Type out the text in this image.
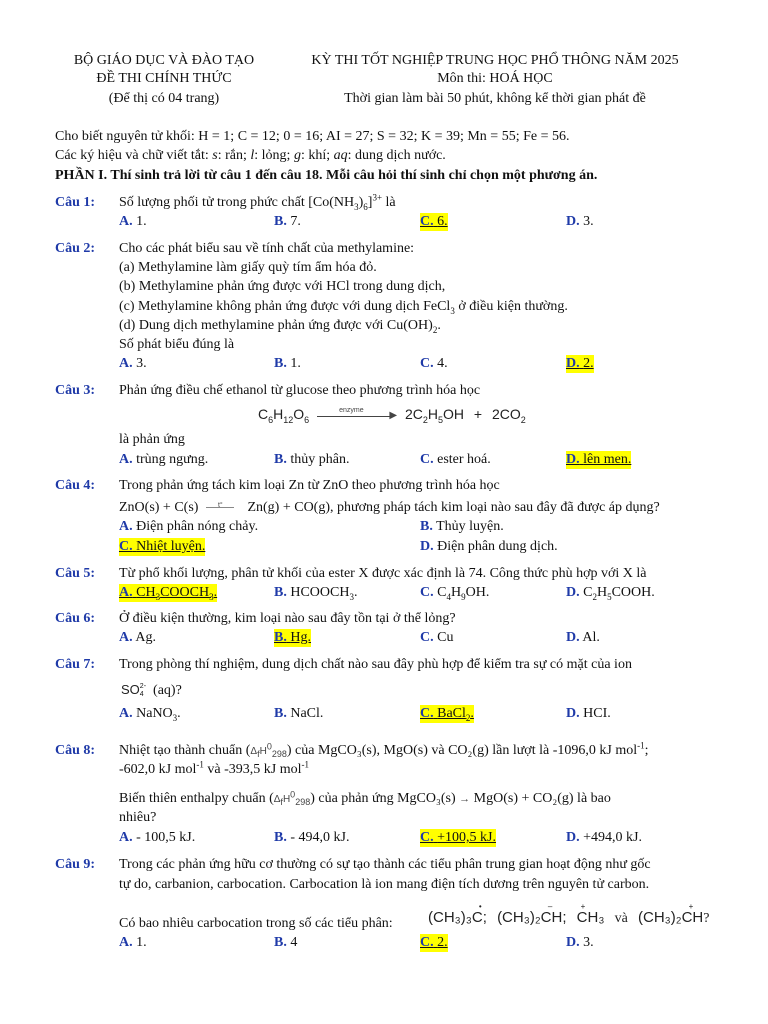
BỘ GIÁO DỤC VÀ ĐÀO TẠO
ĐỀ THI CHÍNH THỨC
(Để thị có 04 trang)
KỲ THI TỐT NGHIỆP TRUNG HỌC PHỔ THÔNG NĂM 2025
Môn thi: HOÁ HỌC
Thời gian làm bài 50 phút, không kể thời gian phát đề
Cho biết nguyên tử khối: H = 1; C = 12; 0 = 16; AI = 27; S = 32; K = 39; Mn = 55; Fe = 56.
Các ký hiệu và chữ viết tắt: s: rắn; l: lỏng; g: khí; aq: dung dịch nước.
PHẦN I. Thí sinh trả lời từ câu 1 đến câu 18. Mỗi câu hỏi thí sinh chỉ chọn một phương án.
Câu 1: Số lượng phối tử trong phức chất $[Co(NH_3)_6]^{3+}$ là
A. 1.	B. 7.	C. 6.	D. 3.
Câu 2: Cho các phát biểu sau về tính chất của methylamine:
(a) Methylamine làm giấy quỳ tím ẩm hóa đỏ.
(b) Methylamine phản ứng được với HCl trong dung dịch,
(c) Methylamine không phản ứng được với dung dịch FeCl$_3$ ở điều kiện thường.
(d) Dung dịch methylamine phản ứng được với $Cu(OH)_2$.
Số phát biểu đúng là
A. 3.	B. 1.	C. 4.	D. 2.
Câu 3: Phản ứng điều chế ethanol từ glucose theo phương trình hóa học
$C_6H_{12}O_6$
enzyme	▶ $2C_2H_5OH + 2CO_2$
là phản ứng
A. trùng ngưng.	B. thủy phân.	C. ester hoá.	D. lên men.
Câu 4: Trong phản ứng tách kim loại Zn từ ZnO theo phương trình hóa học
ZnO(s) + C(s)	t° Zn(g) + CO(g), phương pháp tách kim loại nào sau đây đã được áp dụng?
A. Điện phân nóng chảy.	B. Thủy luyện.
C. Nhiệt luyện.	D. Điện phân dung dịch.
Câu 5: Từ phổ khối lượng, phân tử khối của ester X được xác định là 74. Công thức phù hợp với X là
A. $CH_3COOCH_3$.	B. $HCOOCH_3$.	C. $C_4H_9OH$.	D. $C_2H_5COOH$.
Câu 6: Ở điều kiện thường, kim loại nào sau đây tồn tại ở thể lỏng?
A. Ag.	B. Hg.	C. Cu	D. Al.
Câu 7: Trong phòng thí nghiệm, dung dịch chất nào sau đây phù hợp để kiểm tra sự có mặt của ion
SO 2-
4 (aq)?
A. NaNO$_3$.	B. NaCl.	C. BaCl$_2$.	D. HCI.
Câu 8: Nhiệt tạo thành chuẩn $(\Delta_fH^0_{298})$ của MgCO₃(s), MgO(s) và CO₂(g) lần lượt là -1096,0 kJ mol$^{-1}$;
-602,0 kJ mol$^{-1}$ và -393,5 kJ mol$^{-1}$
Biến thiên enthalpy chuẩn $(\Delta_fH^0_{298})$ của phản ứng MgCO₃(s) → MgO(s) + CO₂(g) là bao
nhiêu?
A. - 100,5 kJ.	B. - 494,0 kJ.	C. +100,5 kJ.	D. +494,0 kJ.
Câu 9: Trong các phản ứng hữu cơ thường có sự tạo thành các tiểu phân trung gian hoạt động như gốc
tự do, carbanion, carbocation. Carbocation là ion mang điện tích dương trên nguyên tử carbon.
Có bao nhiêu carbocation trong số các tiểu phân: (CH₃)₃C
•
; (CH₃)₂CH
–
; CH₃
+
và (CH₃)₂CH
+
?
A. 1.	B. 4	C. 2.	D. 3.
